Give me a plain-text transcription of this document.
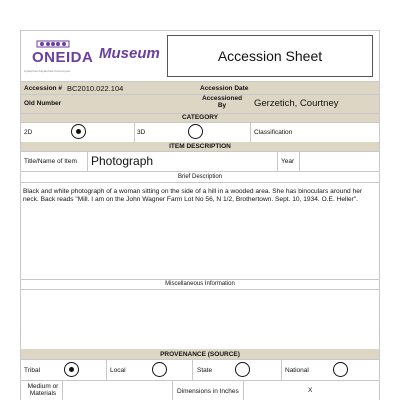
ONEIDA
Ayawehsa Kayatohsle Kanonsyote
Museum	Accession Sheet
Accession # BC2010.022.104	Accession Date
Old Number
Accessioned By	Gerzetich, Courtney
CATEGORY
2D	3D	Classification
ITEM DESCRIPTION
Title/Name of Item Photograph	Year
Brief Description
Black and white photograph of a woman sitting on the side of a hill in a wooded area. She has binoculars around her neck. Back reads "Mill. I am on the John Wagner Farm Lot No 56, N 1/2, Brothertown. Sept. 10, 1934. O.E. Heller".
Miscellaneous Information
PROVENANCE (SOURCE)
Tribal	Local	State	National
Medium or Materials	Dimensions in Inches	X
